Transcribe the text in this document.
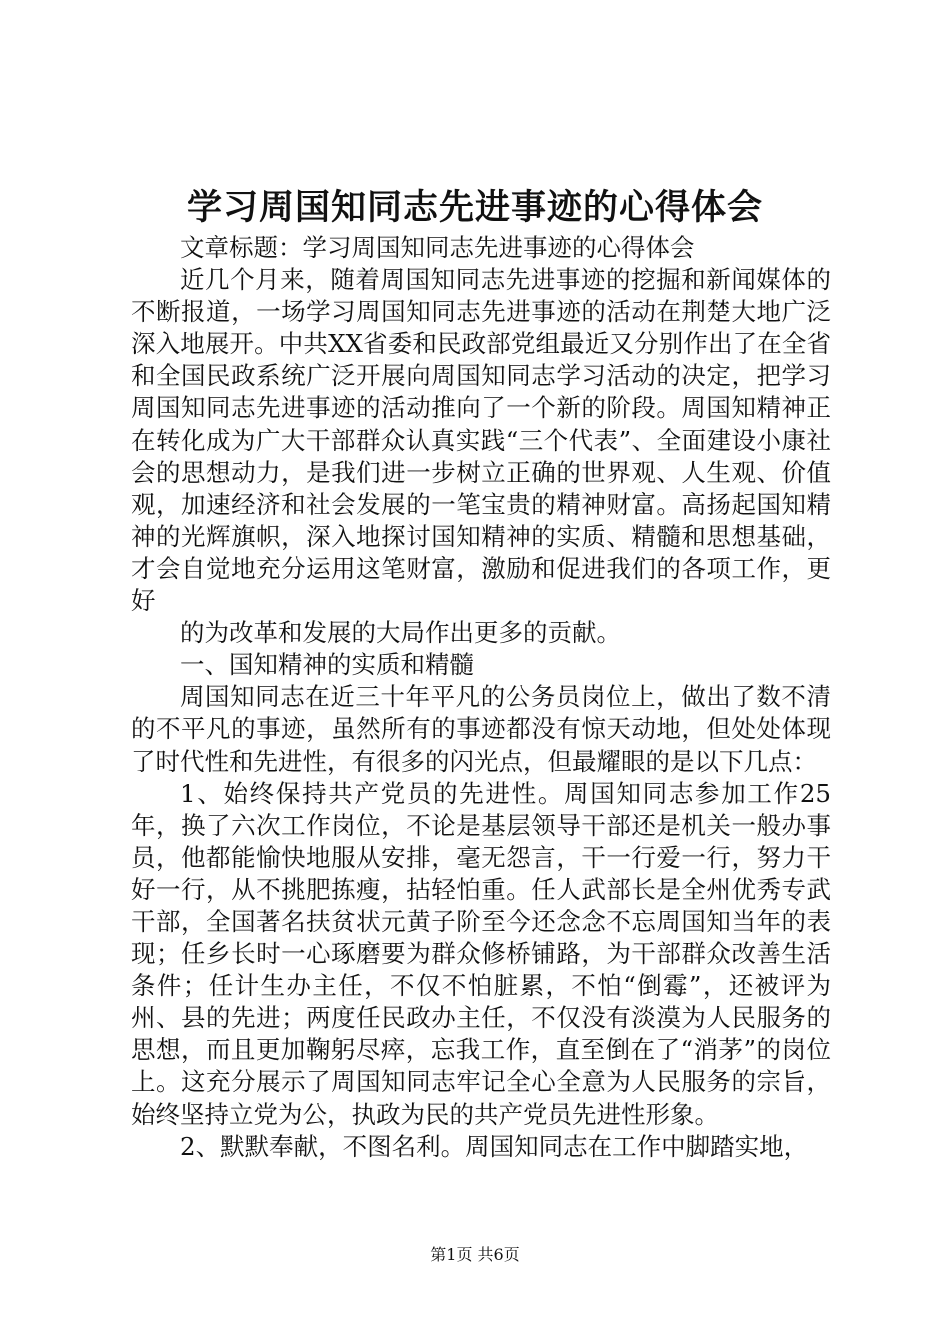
学习周国知同志先进事迹的心得体会

文章标题：学习周国知同志先进事迹的心得体会

近几个月来，随着周国知同志先进事迹的挖掘和新闻媒体的不断报道，一场学习周国知同志先进事迹的活动在荆楚大地广泛深入地展开。中共XX省委和民政部党组最近又分别作出了在全省和全国民政系统广泛开展向周国知同志学习活动的决定，把学习周国知同志先进事迹的活动推向了一个新的阶段。周国知精神正在转化成为广大干部群众认真实践“三个代表”、全面建设小康社会的思想动力，是我们进一步树立正确的世界观、人生观、价值观，加速经济和社会发展的一笔宝贵的精神财富。高扬起国知精神的光辉旗帜，深入地探讨国知精神的实质、精髓和思想基础，才会自觉地充分运用这笔财富，激励和促进我们的各项工作，更好

的为改革和发展的大局作出更多的贡献。

一、国知精神的实质和精髓

周国知同志在近三十年平凡的公务员岗位上，做出了数不清的不平凡的事迹，虽然所有的事迹都没有惊天动地，但处处体现了时代性和先进性，有很多的闪光点，但最耀眼的是以下几点：

1、始终保持共产党员的先进性。周国知同志参加工作25年，换了六次工作岗位，不论是基层领导干部还是机关一般办事员，他都能愉快地服从安排，毫无怨言，干一行爱一行，努力干好一行，从不挑肥拣瘦，拈轻怕重。任人武部长是全州优秀专武干部，全国著名扶贫状元黄子阶至今还念念不忘周国知当年的表现；任乡长时一心琢磨要为群众修桥铺路，为干部群众改善生活条件；任计生办主任，不仅不怕脏累，不怕“倒霉”，还被评为州、县的先进；两度任民政办主任，不仅没有淡漠为人民服务的思想，而且更加鞠躬尽瘁，忘我工作，直至倒在了“消茅”的岗位上。这充分展示了周国知同志牢记全心全意为人民服务的宗旨，始终坚持立党为公，执政为民的共产党员先进性形象。

2、默默奉献，不图名利。周国知同志在工作中脚踏实地，

第1页 共6页
